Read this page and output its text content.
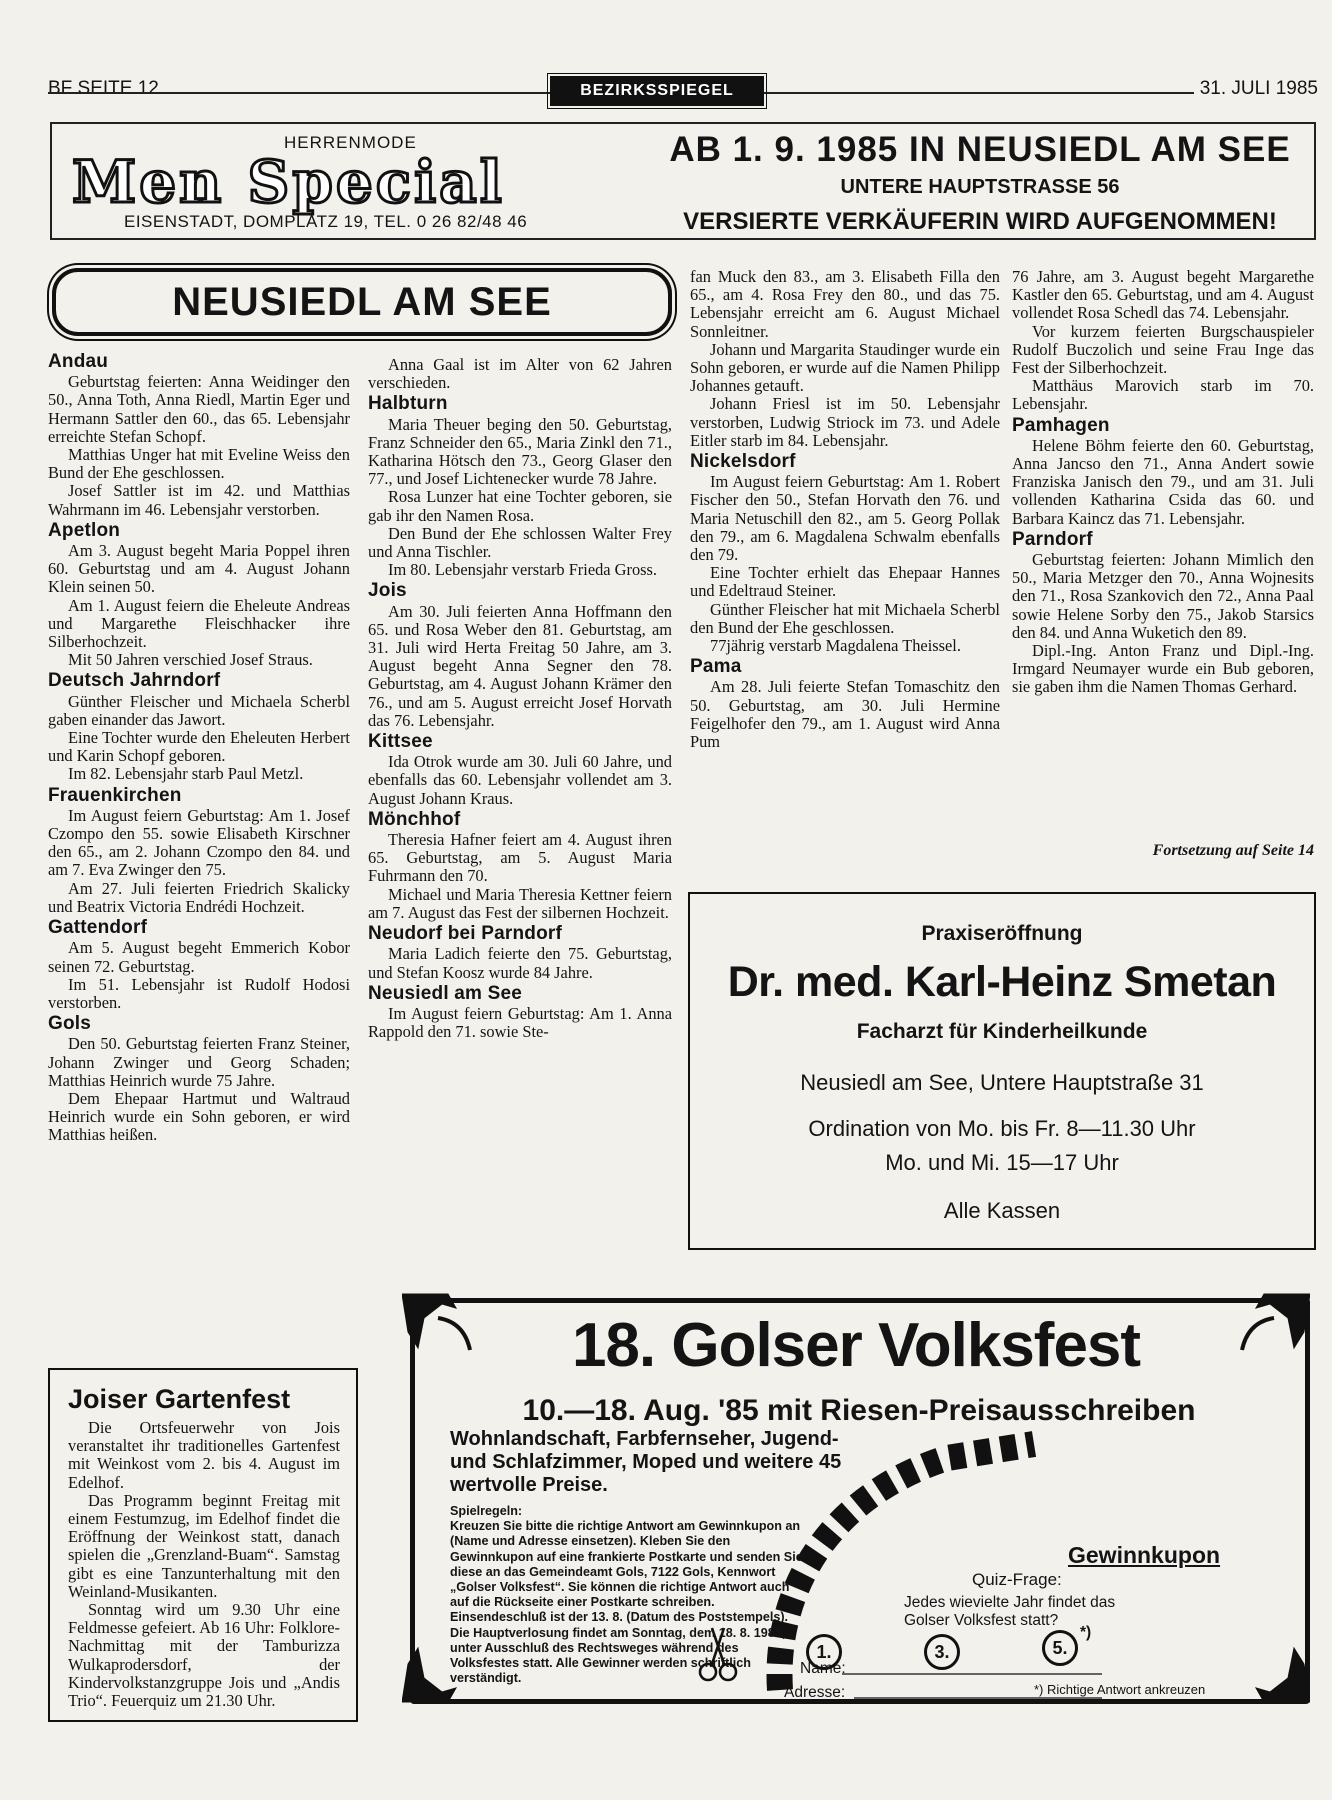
BF SEITE 12	BEZIRKSSPIEGEL	31. JULI 1985
HERRENMODE
Men Special
EISENSTADT, DOMPLATZ 19, TEL. 0 26 82/48 46
AB 1. 9. 1985 IN NEUSIEDL AM SEE
UNTERE HAUPTSTRASSE 56
VERSIERTE VERKÄUFERIN WIRD AUFGENOMMEN!
NEUSIEDL AM SEE
Andau

Geburtstag feierten: Anna Weidinger den 50., Anna Toth, Anna Riedl, Martin Eger und Hermann Sattler den 60., das 65. Lebensjahr erreichte Stefan Schopf.

Matthias Unger hat mit Eveline Weiss den Bund der Ehe geschlossen.

Josef Sattler ist im 42. und Matthias Wahrmann im 46. Lebensjahr verstorben.

Apetlon

Am 3. August begeht Maria Poppel ihren 60. Geburtstag und am 4. August Johann Klein seinen 50.

Am 1. August feiern die Eheleute Andreas und Margarethe Fleischhacker ihre Silberhochzeit.

Mit 50 Jahren verschied Josef Straus.

Deutsch Jahrndorf

Günther Fleischer und Michaela Scherbl gaben einander das Jawort.

Eine Tochter wurde den Eheleuten Herbert und Karin Schopf geboren.

Im 82. Lebensjahr starb Paul Metzl.

Frauenkirchen

Im August feiern Geburtstag: Am 1. Josef Czompo den 55. sowie Elisabeth Kirschner den 65., am 2. Johann Czompo den 84. und am 7. Eva Zwinger den 75.

Am 27. Juli feierten Friedrich Skalicky und Beatrix Victoria Endrédi Hochzeit.

Gattendorf

Am 5. August begeht Emmerich Kobor seinen 72. Geburtstag.

Im 51. Lebensjahr ist Rudolf Hodosi verstorben.

Gols

Den 50. Geburtstag feierten Franz Steiner, Johann Zwinger und Georg Schaden; Matthias Heinrich wurde 75 Jahre.

Dem Ehepaar Hartmut und Waltraud Heinrich wurde ein Sohn geboren, er wird Matthias heißen.

Anna Gaal ist im Alter von 62 Jahren verschieden.

Halbturn

Maria Theuer beging den 50. Geburtstag, Franz Schneider den 65., Maria Zinkl den 71., Katharina Hötsch den 73., Georg Glaser den 77., und Josef Lichtenecker wurde 78 Jahre.

Rosa Lunzer hat eine Tochter geboren, sie gab ihr den Namen Rosa.

Den Bund der Ehe schlossen Walter Frey und Anna Tischler.

Im 80. Lebensjahr verstarb Frieda Gross.

Jois

Am 30. Juli feierten Anna Hoffmann den 65. und Rosa Weber den 81. Geburtstag, am 31. Juli wird Herta Freitag 50 Jahre, am 3. August begeht Anna Segner den 78. Geburtstag, am 4. August Johann Krämer den 76., und am 5. August erreicht Josef Horvath das 76. Lebensjahr.

Kittsee

Ida Otrok wurde am 30. Juli 60 Jahre, und ebenfalls das 60. Lebensjahr vollendet am 3. August Johann Kraus.

Mönchhof

Theresia Hafner feiert am 4. August ihren 65. Geburtstag, am 5. August Maria Fuhrmann den 70.

Michael und Maria Theresia Kettner feiern am 7. August das Fest der silbernen Hochzeit.

Neudorf bei Parndorf

Maria Ladich feierte den 75. Geburtstag, und Stefan Koosz wurde 84 Jahre.

Neusiedl am See

Im August feiern Geburtstag: Am 1. Anna Rappold den 71. sowie Ste-

fan Muck den 83., am 3. Elisabeth Filla den 65., am 4. Rosa Frey den 80., und das 75. Lebensjahr erreicht am 6. August Michael Sonnleitner.

Johann und Margarita Staudinger wurde ein Sohn geboren, er wurde auf die Namen Philipp Johannes getauft.

Johann Friesl ist im 50. Lebensjahr verstorben, Ludwig Striock im 73. und Adele Eitler starb im 84. Lebensjahr.

Nickelsdorf

Im August feiern Geburtstag: Am 1. Robert Fischer den 50., Stefan Horvath den 76. und Maria Netuschill den 82., am 5. Georg Pollak den 79., am 6. Magdalena Schwalm ebenfalls den 79.

Eine Tochter erhielt das Ehepaar Hannes und Edeltraud Steiner.

Günther Fleischer hat mit Michaela Scherbl den Bund der Ehe geschlossen.

77jährig verstarb Magdalena Theissel.

Pama

Am 28. Juli feierte Stefan Tomaschitz den 50. Geburtstag, am 30. Juli Hermine Feigelhofer den 79., am 1. August wird Anna Pum

76 Jahre, am 3. August begeht Margarethe Kastler den 65. Geburtstag, und am 4. August vollendet Rosa Schedl das 74. Lebensjahr.

Vor kurzem feierten Burgschauspieler Rudolf Buczolich und seine Frau Inge das Fest der Silberhochzeit.

Matthäus Marovich starb im 70. Lebensjahr.

Pamhagen

Helene Böhm feierte den 60. Geburtstag, Anna Jancso den 71., Anna Andert sowie Franziska Janisch den 79., und am 31. Juli vollenden Katharina Csida das 60. und Barbara Kaincz das 71. Lebensjahr.

Parndorf

Geburtstag feierten: Johann Mimlich den 50., Maria Metzger den 70., Anna Wojnesits den 71., Rosa Szankovich den 72., Anna Paal sowie Helene Sorby den 75., Jakob Starsics den 84. und Anna Wuketich den 89.

Dipl.-Ing. Anton Franz und Dipl.-Ing. Irmgard Neumayer wurde ein Bub geboren, sie gaben ihm die Namen Thomas Gerhard.

Fortsetzung auf Seite 14
Joiser Gartenfest

Die Ortsfeuerwehr von Jois veranstaltet ihr traditionelles Gartenfest mit Weinkost vom 2. bis 4. August im Edelhof.

Das Programm beginnt Freitag mit einem Festumzug, im Edelhof findet die Eröffnung der Weinkost statt, danach spielen die „Grenzland-Buam“. Samstag gibt es eine Tanzunterhaltung mit den Weinland-Musikanten.

Sonntag wird um 9.30 Uhr eine Feldmesse gefeiert. Ab 16 Uhr: Folklore-Nachmittag mit der Tamburizza Wulkaprodersdorf, der Kindervolkstanzgruppe Jois und „Andis Trio“. Feuerquiz um 21.30 Uhr.

Praxiseröffnung
Dr. med. Karl-Heinz Smetan
Facharzt für Kinderheilkunde
Neusiedl am See, Untere Hauptstraße 31
Ordination von Mo. bis Fr. 8—11.30 Uhr
Mo. und Mi. 15—17 Uhr
Alle Kassen
18. Golser Volksfest
10.—18. Aug. '85 mit Riesen-Preisausschreiben
Wohnlandschaft, Farbfernseher, Jugend- und Schlafzimmer, Moped und weitere 45 wertvolle Preise.
Spielregeln:
Kreuzen Sie bitte die richtige Antwort am Gewinnkupon an (Name und Adresse einsetzen). Kleben Sie den Gewinnkupon auf eine frankierte Postkarte und senden Sie diese an das Gemeindeamt Gols, 7122 Gols, Kennwort „Golser Volksfest“. Sie können die richtige Antwort auch auf die Rückseite einer Postkarte schreiben. Einsendeschluß ist der 13. 8. (Datum des Poststempels). Die Hauptverlosung findet am Sonntag, dem 18. 8. 1985, unter Ausschluß des Rechtsweges während des Volksfestes statt. Alle Gewinner werden schriftlich verständigt.
Gewinnkupon
Quiz-Frage:
Jedes wievielte Jahr findet das Golser Volksfest statt?
1.	3.	5.
*)
Name:
Adresse:	*) Richtige Antwort ankreuzen
